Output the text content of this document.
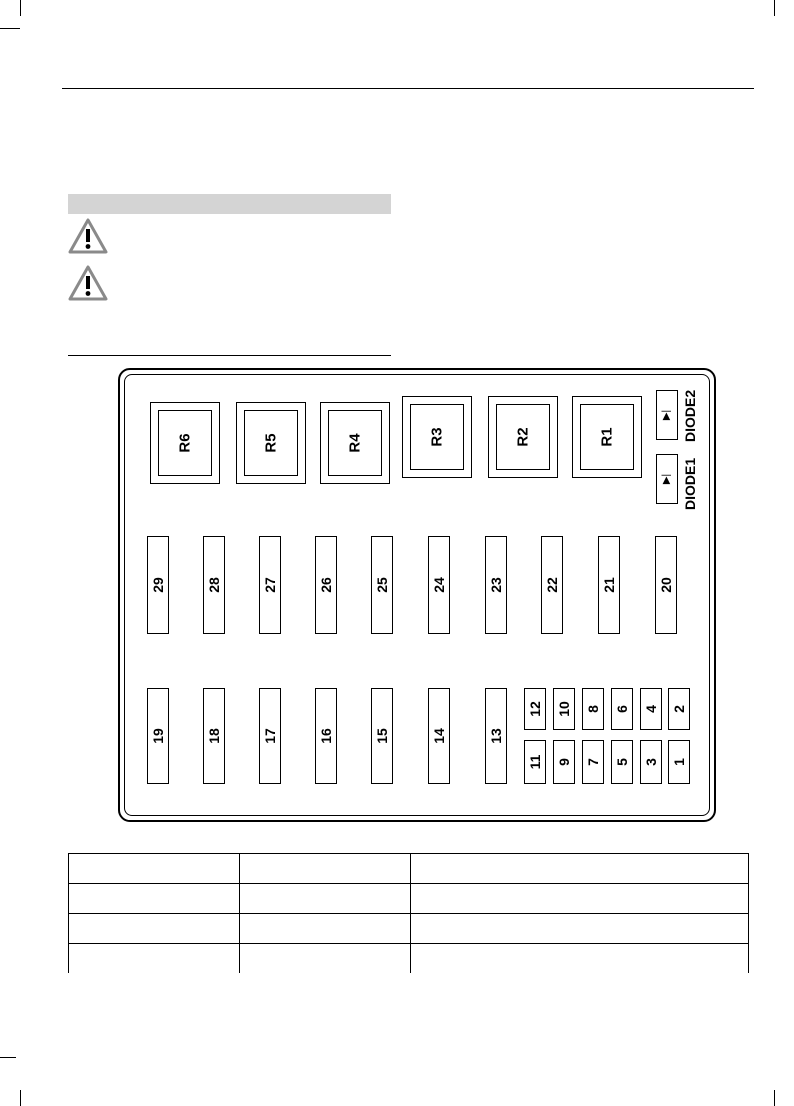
R6	R5	R4	R3	R2	R1
▶|
▶|
DIODE2
DIODE1
29	28	27	26	25	24	23	22	21	20
19	18	17	16	15	14	13
12 10 8 6 4 2
11 9 7 5 3 1
